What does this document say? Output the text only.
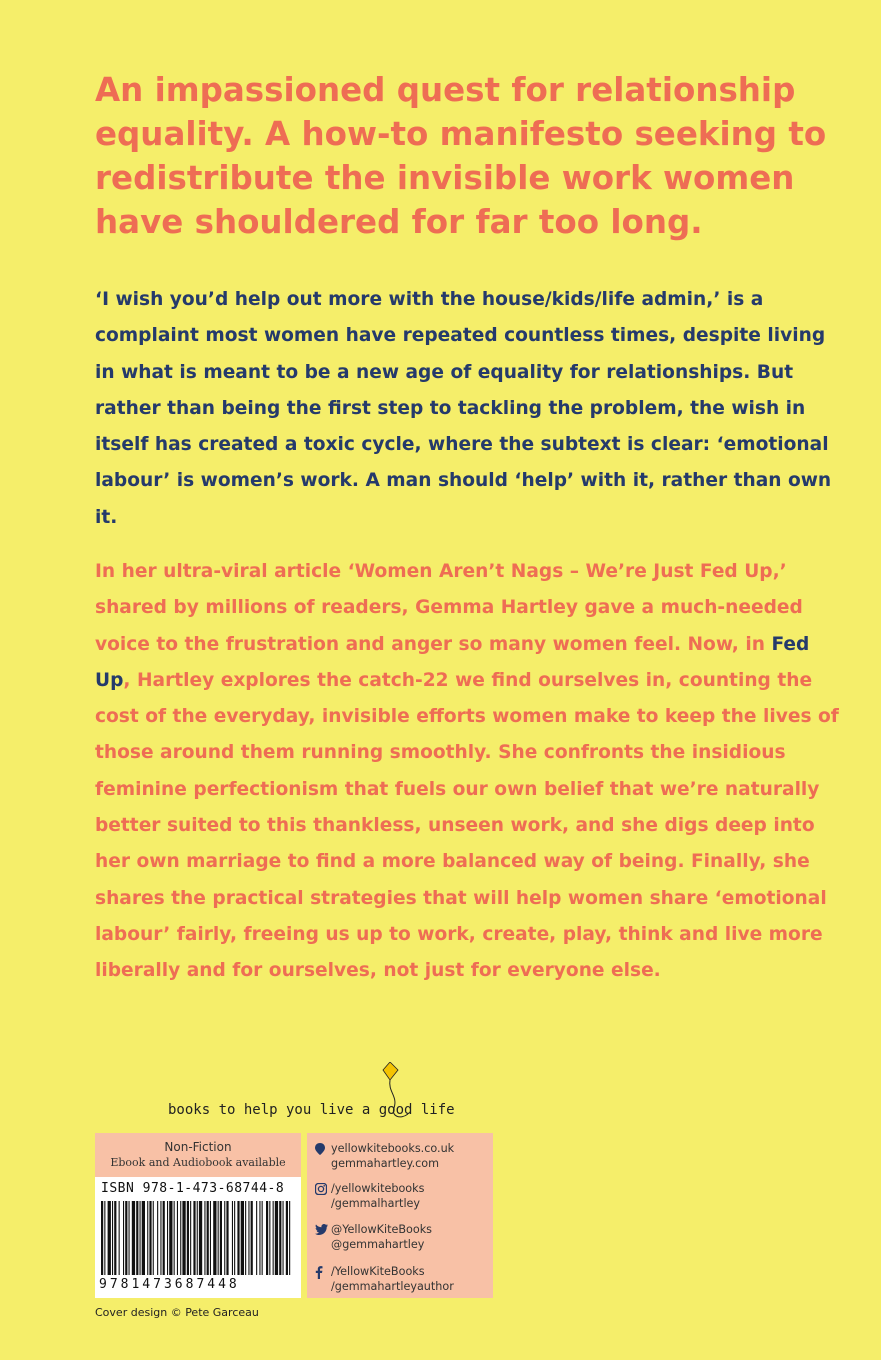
An impassioned quest for relationship equality. A how-to manifesto seeking to redistribute the invisible work women have shouldered for far too long.

‘I wish you’d help out more with the house/kids/life admin,’ is a complaint most women have repeated countless times, despite living in what is meant to be a new age of equality for relationships. But rather than being the first step to tackling the problem, the wish in itself has created a toxic cycle, where the subtext is clear: ‘emotional labour’ is women’s work. A man should ‘help’ with it, rather than own it.

In her ultra-viral article ‘Women Aren’t Nags – We’re Just Fed Up,’ shared by millions of readers, Gemma Hartley gave a much-needed voice to the frustration and anger so many women feel. Now, in Fed Up, Hartley explores the catch-22 we find ourselves in, counting the cost of the everyday, invisible efforts women make to keep the lives of those around them running smoothly. She confronts the insidious feminine perfectionism that fuels our own belief that we’re naturally better suited to this thankless, unseen work, and she digs deep into her own marriage to find a more balanced way of being. Finally, she shares the practical strategies that will help women share ‘emotional labour’ fairly, freeing us up to work, create, play, think and live more liberally and for ourselves, not just for everyone else.

books to help you live a good life
Non-Fiction
Ebook and Audiobook available
ISBN 978-1-473-68744-8
9781473687448
yellowkitebooks.co.uk
gemmahartley.com
/yellowkitebooks
/gemmalhartley
@YellowKiteBooks
@gemmahartley
/YellowKiteBooks
/gemmahartleyauthor
Cover design © Pete Garceau
